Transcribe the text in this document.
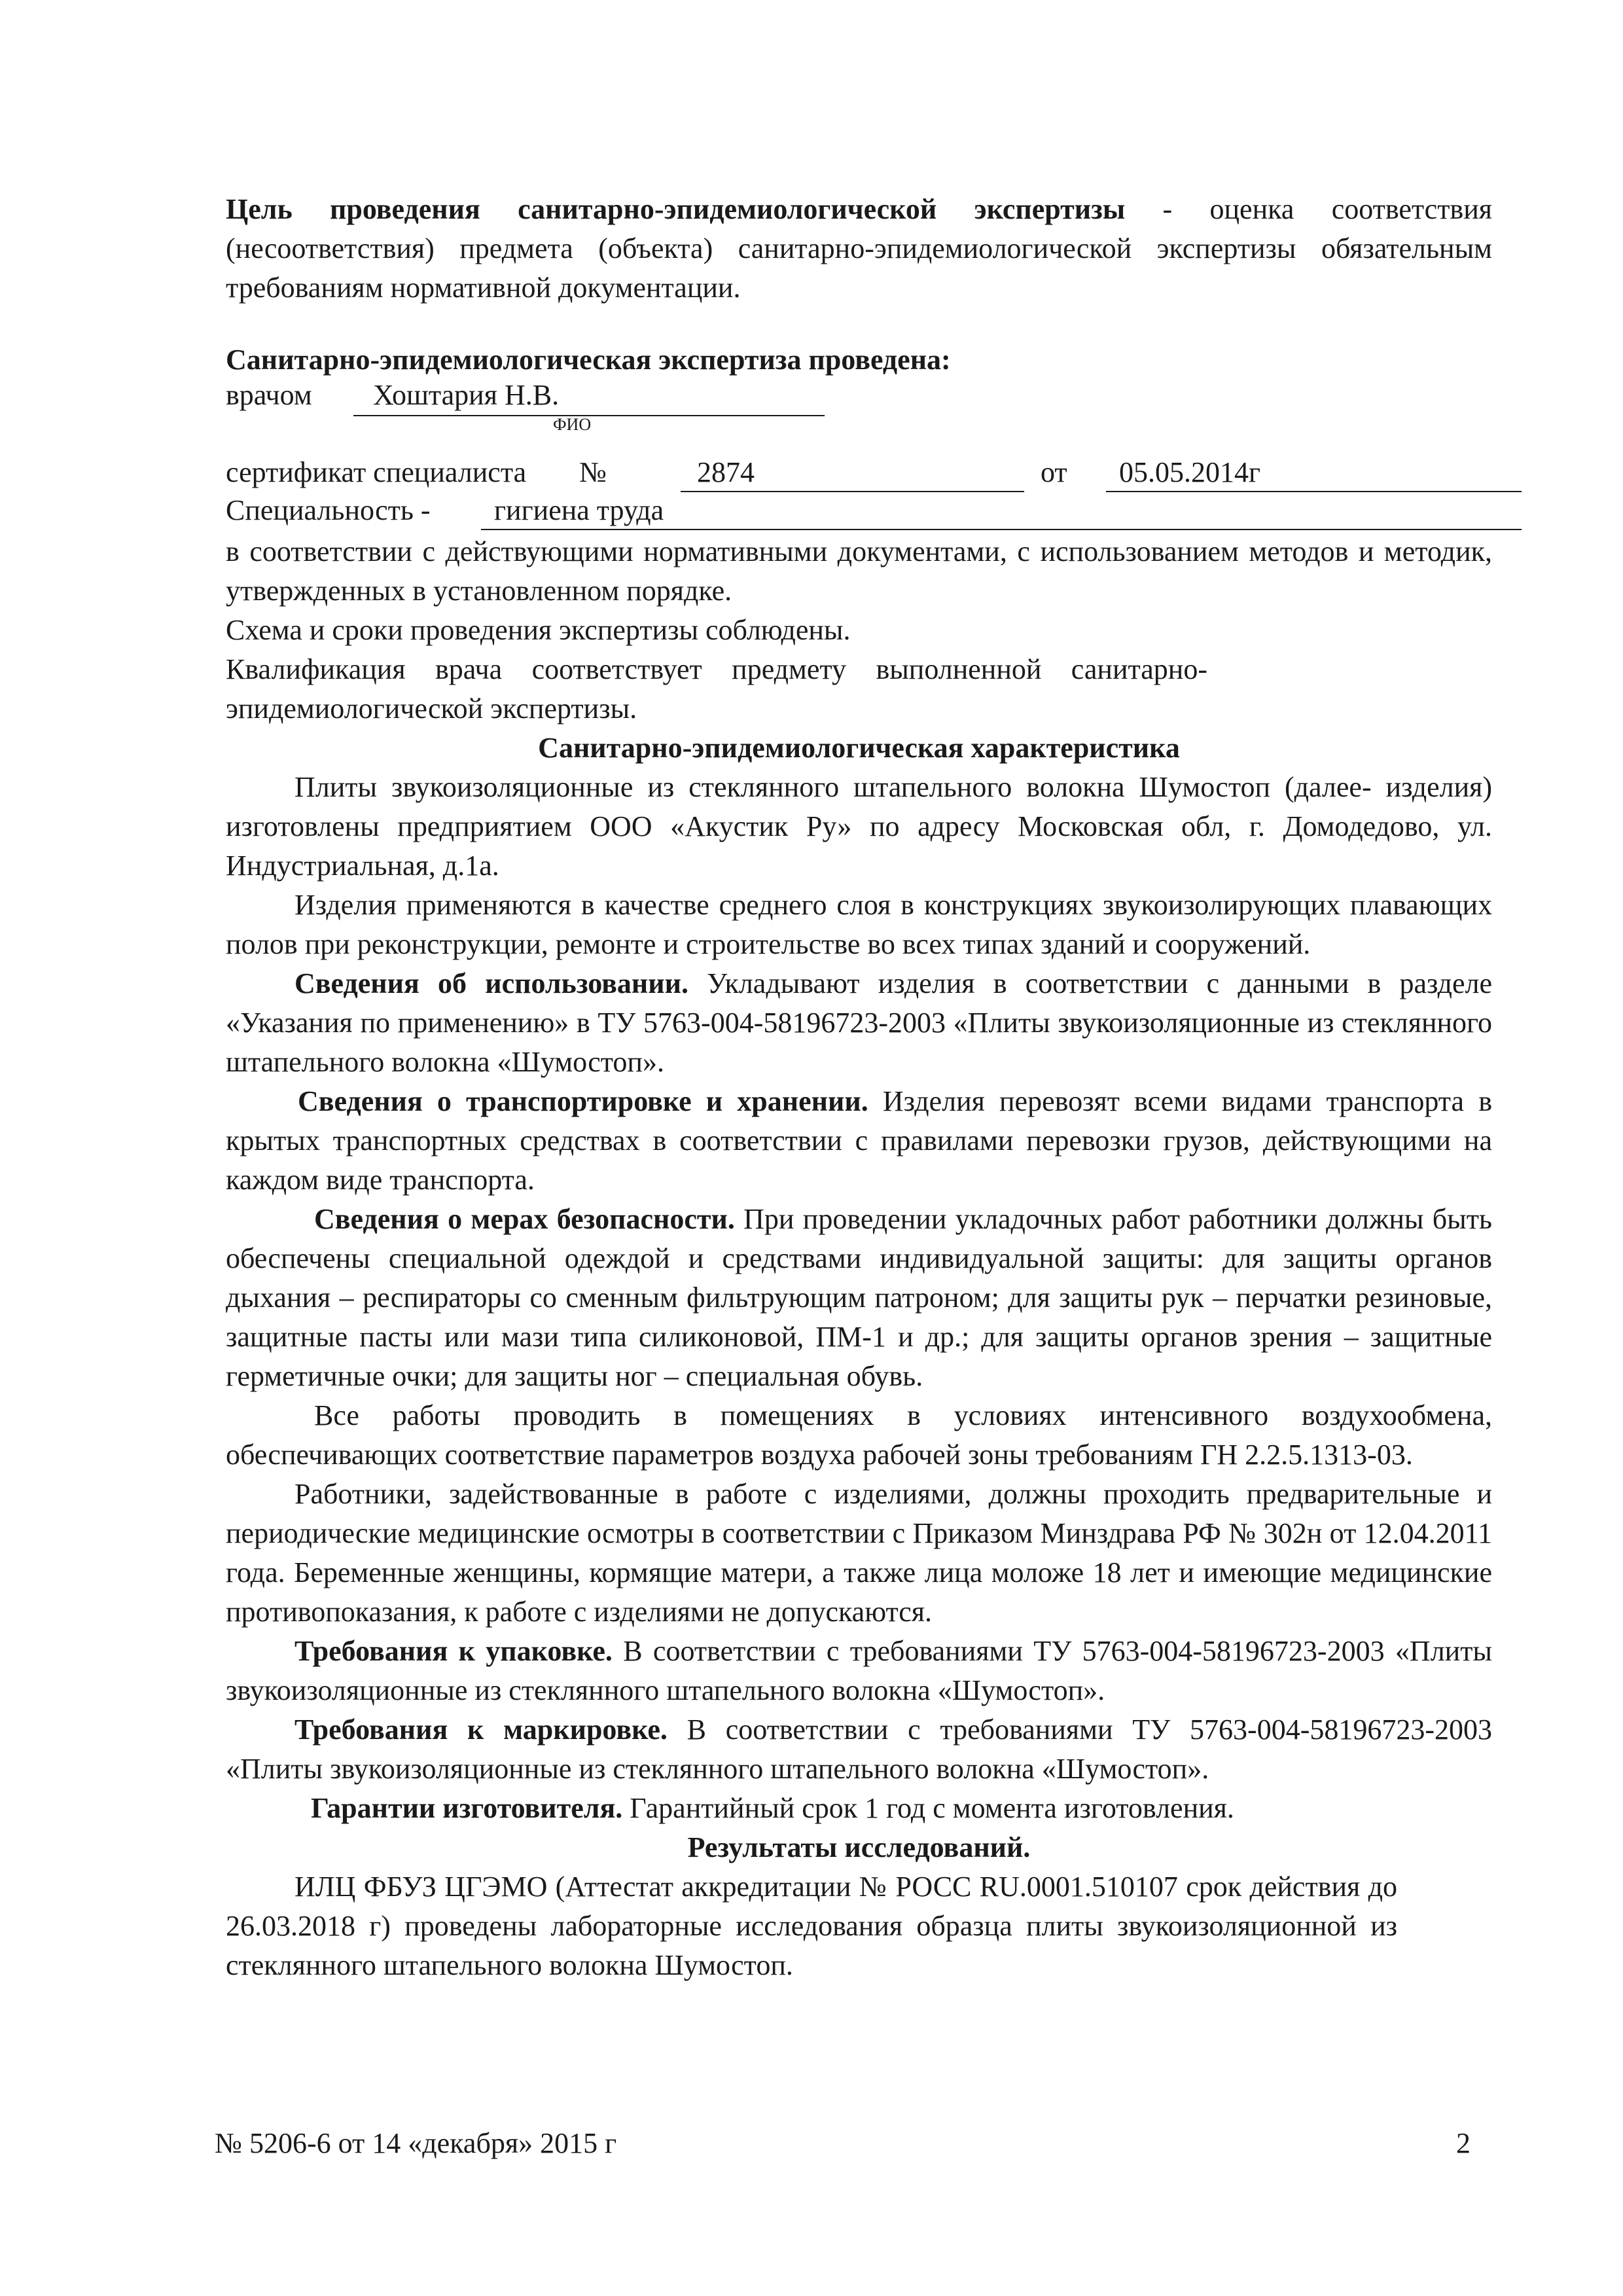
Цель проведения санитарно-эпидемиологической экспертизы - оценка соответствия (несоответствия) предмета (объекта) санитарно-эпидемиологической экспертизы обязательным требованиям нормативной документации.

Санитарно-эпидемиологическая экспертиза проведена:

врачом Хоштария Н.В.
ФИО
сертификат специалиста №	2874	от 05.05.2014г
Специальность - гигиена труда

в соответствии с действующими нормативными документами, с использованием методов и методик, утвержденных в установленном порядке.

Схема и сроки проведения экспертизы соблюдены.

Квалификация врача соответствует предмету выполненной санитарно-эпидемиологической экспертизы.

Санитарно-эпидемиологическая характеристика

Плиты звукоизоляционные из стеклянного штапельного волокна Шумостоп (далее- изделия) изготовлены предприятием ООО «Акустик Ру» по адресу Московская обл, г. Домодедово, ул. Индустриальная, д.1а.

Изделия применяются в качестве среднего слоя в конструкциях звукоизолирующих плавающих полов при реконструкции, ремонте и строительстве во всех типах зданий и сооружений.

Сведения об использовании. Укладывают изделия в соответствии с данными в разделе «Указания по применению» в ТУ 5763-004-58196723-2003 «Плиты звукоизоляционные из стеклянного штапельного волокна «Шумостоп».

Сведения о транспортировке и хранении. Изделия перевозят всеми видами транспорта в крытых транспортных средствах в соответствии с правилами перевозки грузов, действующими на каждом виде транспорта.

Сведения о мерах безопасности. При проведении укладочных работ работники должны быть обеспечены специальной одеждой и средствами индивидуальной защиты: для защиты органов дыхания – респираторы со сменным фильтрующим патроном; для защиты рук – перчатки резиновые, защитные пасты или мази типа силиконовой, ПМ-1 и др.; для защиты органов зрения – защитные герметичные очки; для защиты ног – специальная обувь.

Все работы проводить в помещениях в условиях интенсивного воздухообмена, обеспечивающих соответствие параметров воздуха рабочей зоны требованиям ГН 2.2.5.1313-03.

Работники, задействованные в работе с изделиями, должны проходить предварительные и периодические медицинские осмотры в соответствии с Приказом Минздрава РФ № 302н от 12.04.2011 года. Беременные женщины, кормящие матери, а также лица моложе 18 лет и имеющие медицинские противопоказания, к работе с изделиями не допускаются.

Требования к упаковке. В соответствии с требованиями ТУ 5763-004-58196723-2003 «Плиты звукоизоляционные из стеклянного штапельного волокна «Шумостоп».

Требования к маркировке. В соответствии с требованиями ТУ 5763-004-58196723-2003 «Плиты звукоизоляционные из стеклянного штапельного волокна «Шумостоп».

Гарантии изготовителя. Гарантийный срок 1 год с момента изготовления.

Результаты исследований.

ИЛЦ ФБУЗ ЦГЭМО (Аттестат аккредитации № РОСС RU.0001.510107 срок действия до 26.03.2018 г) проведены лабораторные исследования образца плиты звукоизоляционной из стеклянного штапельного волокна Шумостоп.

№ 5206-6 от 14 «декабря» 2015 г	2
